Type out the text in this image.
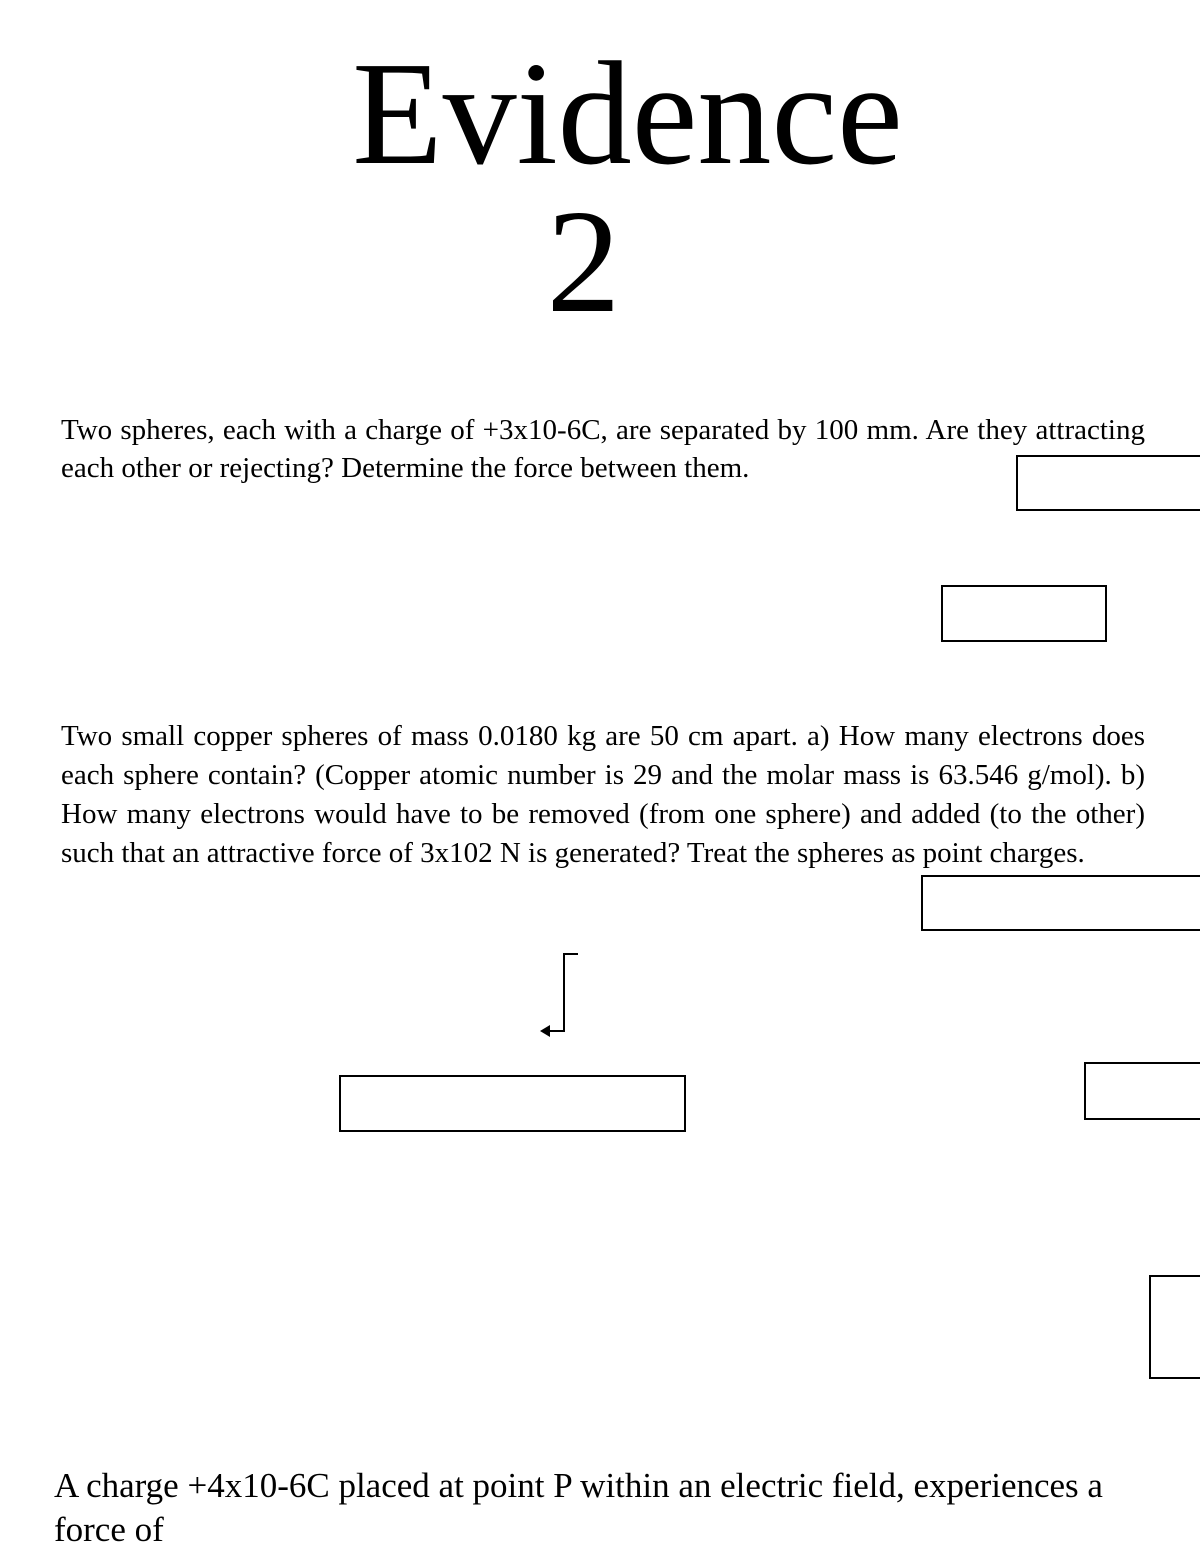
Evidence
2

Two spheres, each with a charge of +3x10-6C, are separated by 100 mm. Are they attracting each other or rejecting? Determine the force between them.

Two small copper spheres of mass 0.0180 kg are 50 cm apart. a) How many electrons does each sphere contain? (Copper atomic number is 29 and the molar mass is 63.546 g/mol). b) How many electrons would have to be removed (from one sphere) and added (to the other) such that an attractive force of 3x102 N is generated? Treat the spheres as point charges.

A charge +4x10-6C placed at point P within an electric field, experiences a force of
